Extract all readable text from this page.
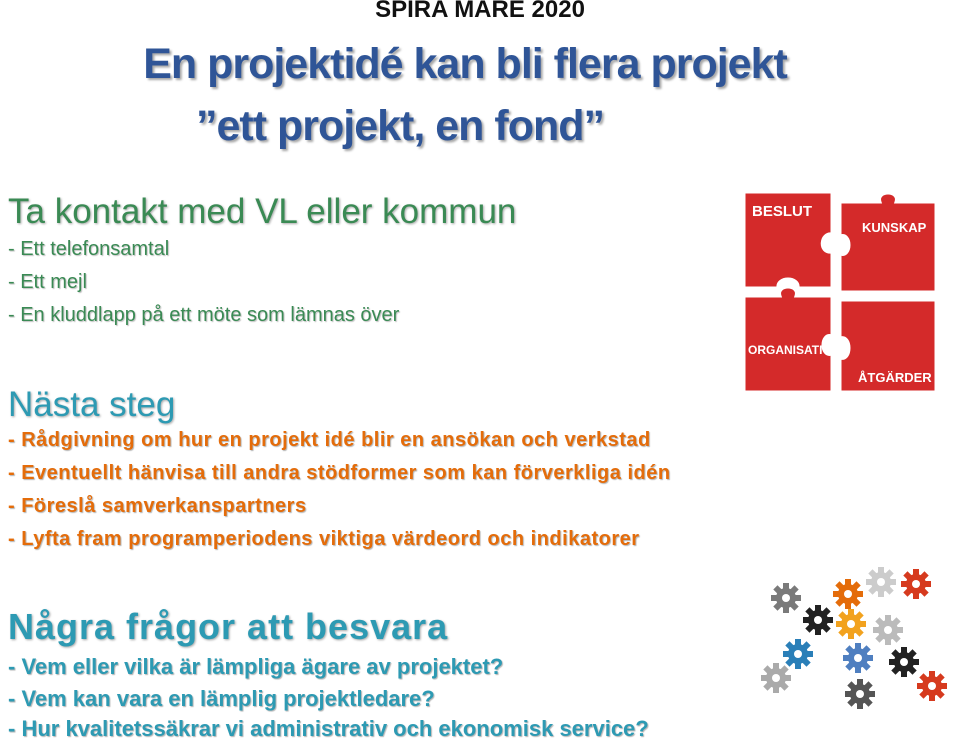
SPIRA MARE 2020
En projektidé kan bli flera projekt
”ett projekt, en fond”
Ta kontakt med VL eller kommun
- Ett telefonsamtal
- Ett mejl
- En kluddlapp på ett möte som lämnas över
Nästa steg
- Rådgivning om hur en projekt idé blir en ansökan och verkstad
- Eventuellt hänvisa till andra stödformer som kan förverkliga idén
- Föreslå samverkanspartners
- Lyfta fram programperiodens viktiga värdeord och indikatorer
Några frågor att besvara
- Vem eller vilka är lämpliga ägare av projektet?
- Vem kan vara en lämplig projektledare?
- Hur kvalitetssäkrar vi administrativ och ekonomisk service?
BESLUT
KUNSKAP
ORGANISATION
ÅTGÄRDER
